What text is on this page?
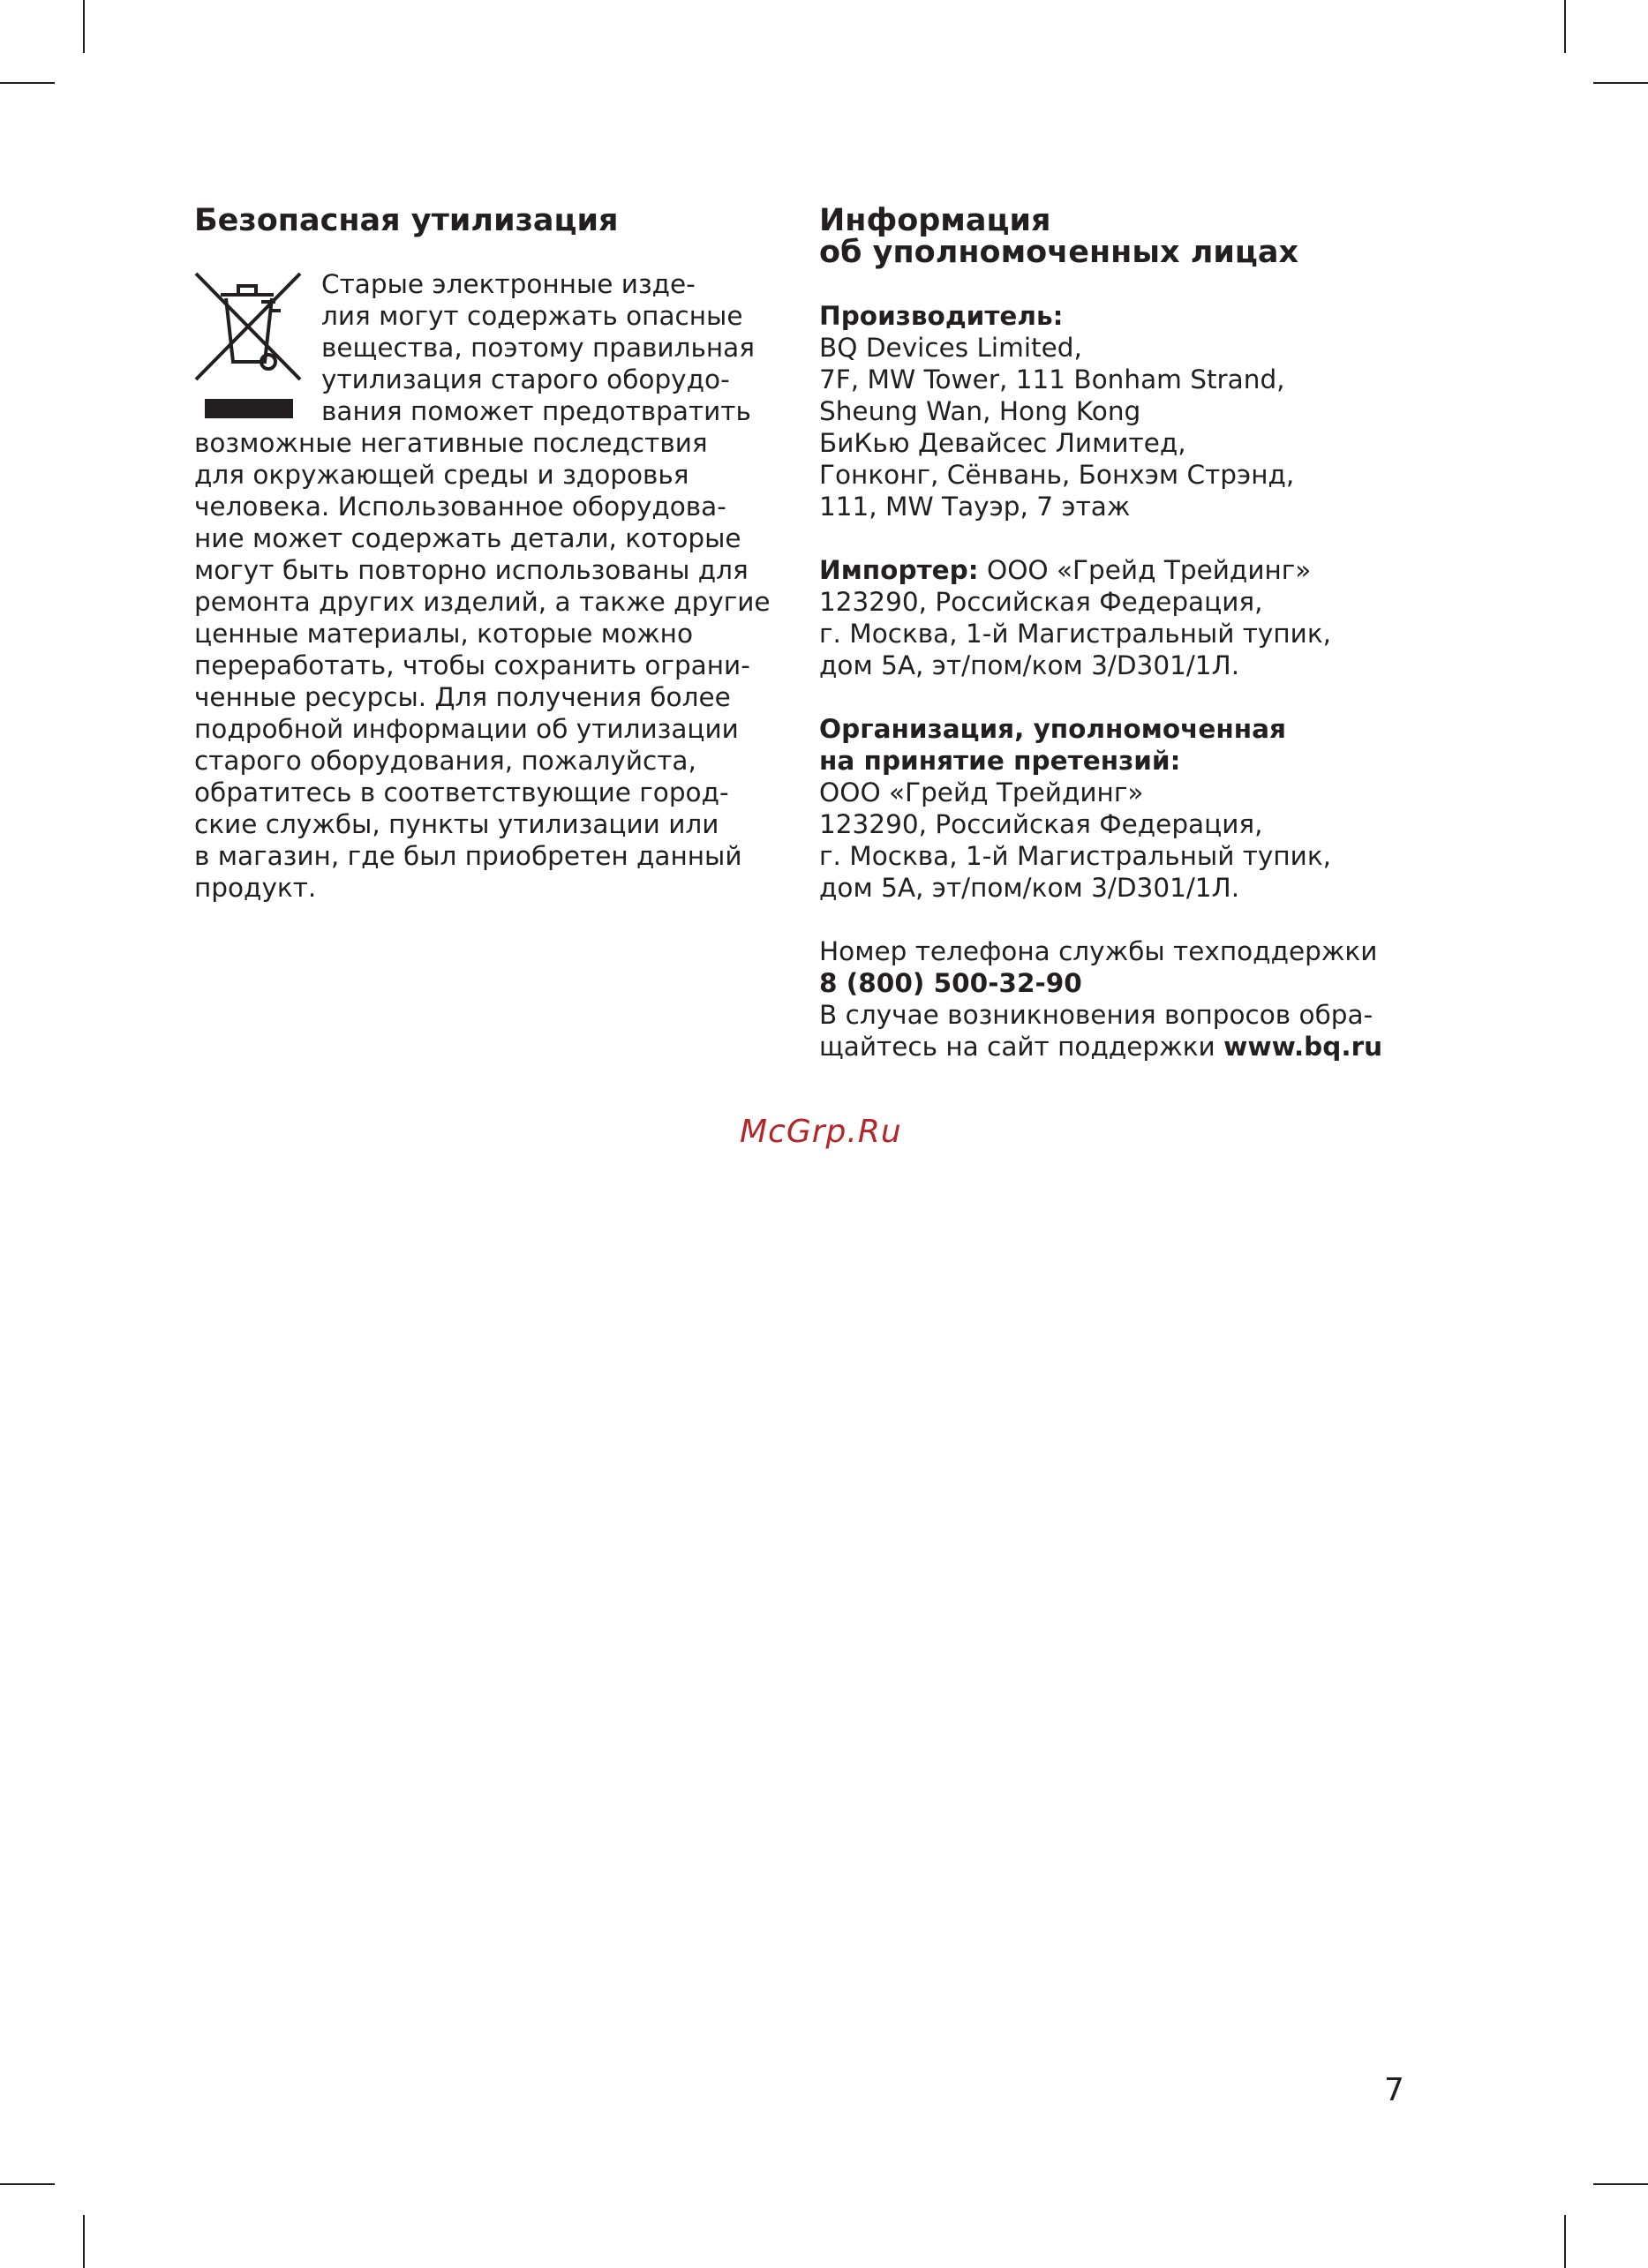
Безопасная утилизация
Старые электронные изде-
лия могут содержать опасные
вещества, поэтому правильная
утилизация старого оборудо-
вания поможет предотвратить
возможные негативные последствия
для окружающей среды и здоровья
человека. Использованное оборудова-
ние может содержать детали, которые
могут быть повторно использованы для
ремонта других изделий, а также другие
ценные материалы, которые можно
переработать, чтобы сохранить ограни-
ченные ресурсы. Для получения более
подробной информации об утилизации
старого оборудования, пожалуйста,
обратитесь в соответствующие город-
ские службы, пункты утилизации или
в магазин, где был приобретен данный
продукт.
Информация
об уполномоченных лицах
Производитель:
BQ Devices Limited,
7F, MW Tower, 111 Bonham Strand,
Sheung Wan, Hong Kong
БиКью Девайсес Лимитед,
Гонконг, Сёнвань, Бонхэм Стрэнд,
111, MW Тауэр, 7 этаж
Импортер: ООО «Грейд Трейдинг»
123290, Российская Федерация,
г. Москва, 1-й Магистральный тупик,
дом 5А, эт/пом/ком 3/D301/1Л.
Организация, уполномоченная
на принятие претензий:
ООО «Грейд Трейдинг»
123290, Российская Федерация,
г. Москва, 1-й Магистральный тупик,
дом 5А, эт/пом/ком 3/D301/1Л.
Номер телефона службы техподдержки
8 (800) 500-32-90
В случае возникновения вопросов обра-
щайтесь на сайт поддержки www.bq.ru
McGrp.Ru
7
